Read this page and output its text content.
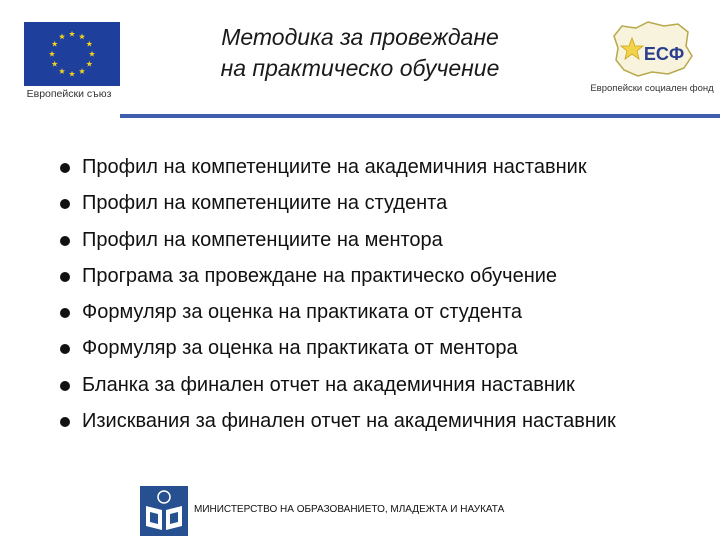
Европейски съюз
Методика за провеждане
на практическо обучение
ЕСФ
Европейски социален фонд
Профил на компетенциите на академичния наставник
Профил на компетенциите на студента
Профил на компетенциите на ментора
Програма за провеждане на практическо обучение
Формуляр за оценка на практиката от студента
Формуляр за оценка на практиката от ментора
Бланка за финален отчет на академичния наставник
Изисквания за финален отчет на академичния наставник
МИНИСТЕРСТВО НА ОБРАЗОВАНИЕТО, МЛАДЕЖТА И НАУКАТА
